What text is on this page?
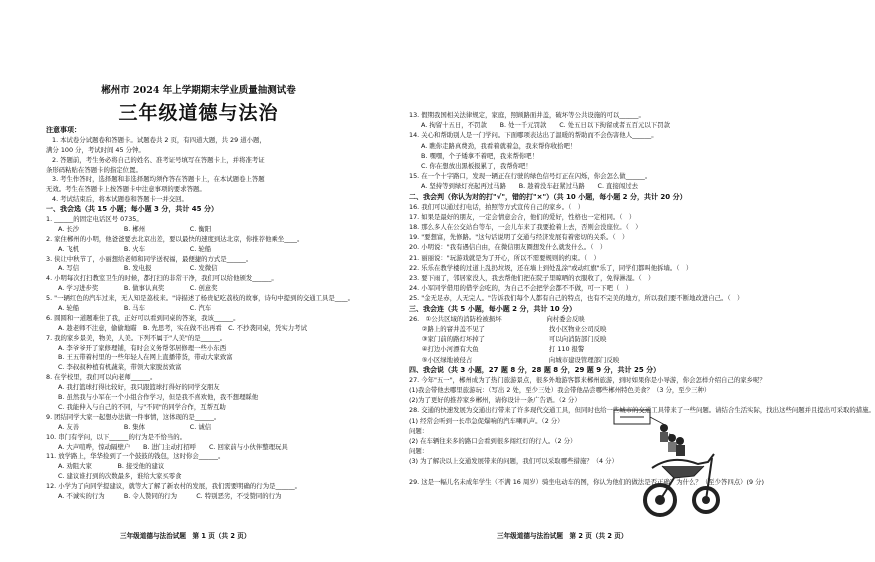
郴州市 2024 年上学期期末学业质量抽测试卷
三年级道德与法治
注意事项：
1. 本试卷分试题卷和答题卡。试题卷共 2 页，有四道大题，共 29 道小题，
满分 100 分，考试时间 45 分钟。
2. 答题前，考生务必将自己的姓名、准考证号填写在答题卡上，并将准考证
条形码粘贴在答题卡的指定位置。
3. 考生作答时，选择题和非选择题均须作答在答题卡上，在本试题卷上答题
无效。考生在答题卡上按答题卡中注意事项的要求答题。
4. 考试结束后，将本试题卷和答题卡一并交回。
一、我会选（共 15 小题；每小题 3 分，共计 45 分）
1. ______的固定电话区号 0735。
A. 长沙　　　　　　　B. 郴州　　　　　　　C. 衡阳
2. 家住郴州的小明，他爸爸要去北京出差，要以最快的速度到达北京，你推荐他乘坐____。
A. 飞机　　　　　　　B. 火车　　　　　　　C. 轮船
3. 侠让中秋节了，小丽想给老师和同学送祝福，最便捷的方式是______。
A. 写信　　　　　　　B. 发电报　　　　　　C. 发微信
4. 小明每次打扫教室卫生的时候，都打扫的非常干净，我们可以给他颁发______。
A. 学习进步奖　　　　B. 做事认真奖　　　　C. 创意奖
5. "一辆红色的汽车过来，无人知是荔枝来。"诗描述了杨贵妃吃荔枝的故事，诗句中提到的交通工具是____。
A. 轮船　　　　　　　B. 马车　　　　　　　C. 汽车
6. 圆圆和一道题难住了我，正好可以看到同桌的答案，我该______。
A. 趁老师不注意，偷偷地瞄　B. 先思考，实在做不出再看　C. 不抄袭同桌，凭实力考试
7. 我的家乡景美，物美，人美。下列不属于"人美"的是______。
A. 李爷爷开了家修理铺，有时会义务帮邻居修理一些小东西
B. 王五带着村里的一些年轻人在网上直播带货，带动大家致富
C. 李叔叔种植有机蔬菜，带领大家脱贫致富
8. 在学校里，我们可以向老师______。
A. 我打篮球打得比较好，我只跟篮球打得好的同学交朋友
B. 虽然我与小军在一个小组合作学习，但是我不喜欢他，我不想理睬他
C. 我能伸入与自己的不同，与"不同"的同学合作，互帮互助
9. 团结同学大家一起想办法做一件事情，这体现的是______。
A. 友善　　　　　　　B. 集体　　　　　　　C. 诚信
10. 串门有学问，以下______的行为是不恰当的。
A. 大声喧哗，惊动隔壁户　　B. 进门主动打招呼　　C. 回家前与小伙伴整理玩具
11. 放学路上，华华捡到了一个鼓鼓的钱包，这时你会______。
A. 劝阻大家　　　　B. 接受他的建议
C. 建议谁打到的次数最多，谁给大家买零食
12. 小学为了向同学提建议，就等大了解了新农村的发展，我们需要明确的行为是______。
A. 不诚实的行为　　　B. 令人赞同的行为　　　C. 特别恶劣，不受赞同的行为
三年级道德与法治试题　第 1 页（共 2 页）
13. 假期我国相关法律规定，家庭，照顾路面井盖，破坏等公共设施的可以______。
A. 拘留十五日，不罚款　　B. 处一千元罚款　　C. 处五日以下拘留或者五百元以下罚款
14. 关心和帮助别人是一门学问。下面哪项表达出了温暖的帮助而不会伤害他人______。
A. 瞧你走路真费劲，我看着就着急，我来帮你收拾吧！
B. 嘿嘿，个子矮拿不着吧，我来帮你吧！
C. 你在想放出黑板报累了，我帮你吧！
15. 在一个十字路口，发现一辆正在行驶的绿色信号灯正在闪烁，你会怎么做______。
A. 坚持等到绿灯亮起再过马路　　B. 趁着没车赶紧过马路　　C. 直接闯过去
二、我会判（你认为对的打"√"，错的打"×"）（共 10 小题，每小题 2 分，共计 20 分）
16. 我们可以通过打电话，拍照等方式宣传自己的家乡。（　）
17. 如果是最好的朋友，一定会情意会合，他们的爱好，性格也一定相同。（　）
18. 那么多人在公交站台等车，一会儿车来了我要抢着上去，否则会没座位。（　）
19. "要想富，先修路。"这句话说明了交通与经济发展有着密切的关系。（　）
20. 小明说："我有遇信自由，在微信朋友圈想发什么就发什么。（　）
21. 丽丽说："玩游戏就是为了开心，所以不需要规则的约束。（　）
22. 乐乐在教学楼的过道上乱扔垃圾，还在墙上到处乱涂"或动红旗"乐了，同学们都叫他拆墙。（　）
23. 要下雨了，邻居家没人，我去帮他们把在院子里晾晒的衣服收了，免得淋湿。（　）
24. 小军同学借用的借学会吃的，为自己不会把学会都不不做，可一下吧（　）
25. "金无足赤，人无完人。"告诉我们每个人都有自己的特点，也有不完美的地方，所以我们要不断地改进自己。（　）
三、我会连（共 5 小题，每小题 2 分，共计 10 分）
26.　①公共区域的消防栓被损坏　　　　　　　向村委会反映
　　②路上的窨井盖不见了　　　　　　　　　　找小区物业公司反映
　　③家门前的路灯坏掉了　　　　　　　　　　可以向消防部门反映
　　④打边小河漂有大鱼　　　　　　　　　　　打 110 报警
　　⑤小区绿地被侵占　　　　　　　　　　　　向城市建设管理部门反映
四、我会说（共 3 小题，27 题 8 分，28 题 8 分，29 题 9 分，共计 25 分）
27. 今年"五一"，郴州成为了热门旅游景点，很多外地游客都来郴州旅游，到时如果你是小导游，你会怎样介绍自己的家乡呢？
(1)我会带他去哪里旅游玩：（写出 2 处，至少三处）我会带他品尝哪些郴州特色美食？（3 分，至少三种）
(2)为了更好的推荐家乡郴州，请你设计一条广告语。（2 分）
28. 交通的快速发展为交通出行带来了许多现代交通工具，但同时也给一些城市的交通工具带来了一些问题。请结合生活实际，找出这些问题并且提出可采取的措施。
(1) 经常会听到一长串急促爆响的汽车喇叭声。（2 分）
问题：
(2) 在车辆往来多的路口会看到很多闯红灯的行人。（2 分）
问题：
(3) 为了解决以上交通发展带来的问题，我们可以采取哪些措施？（4 分）
29. 这是一幅儿名未成年学生（不满 16 周岁）骑坐电动车的图，你认为他们的做法是否正确？为什么？（至少答四点）(9 分)
三年级道德与法治试题　第 2 页（共 2 页）
